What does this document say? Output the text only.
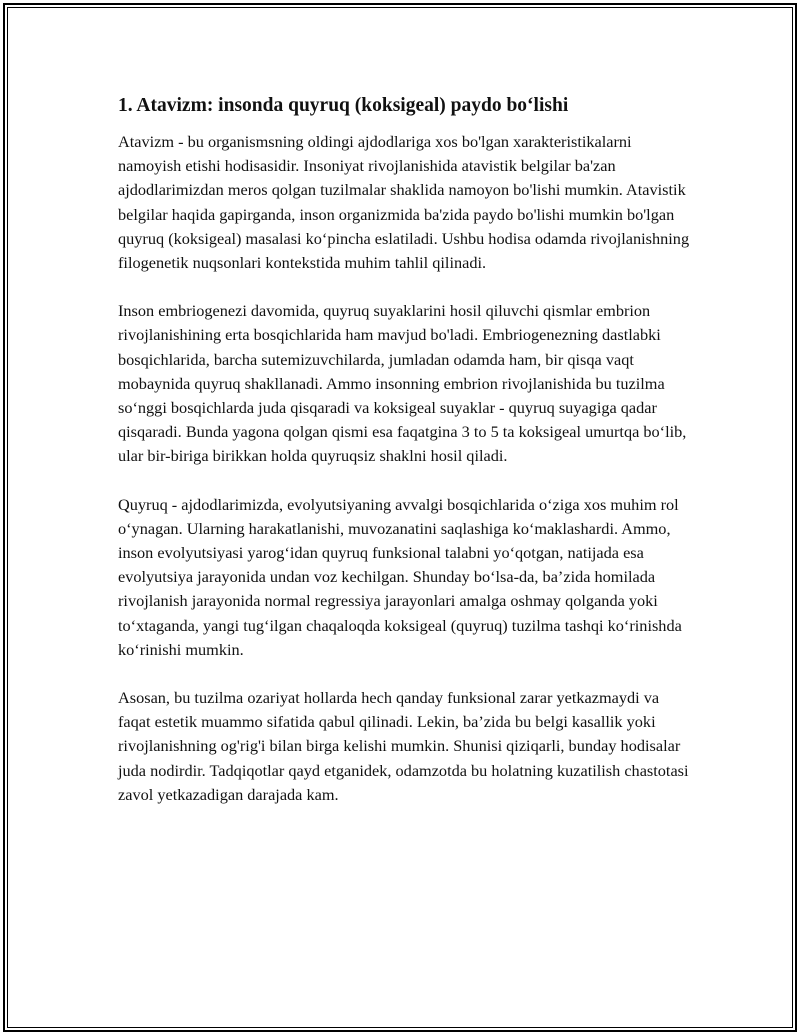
1. Atavizm: insonda quyruq (koksigeal) paydo bo‘lishi

Atavizm - bu organismsning oldingi ajdodlariga xos bo'lgan xarakteristikalarni namoyish etishi hodisasidir. Insoniyat rivojlanishida atavistik belgilar ba'zan ajdodlarimizdan meros qolgan tuzilmalar shaklida namoyon bo'lishi mumkin. Atavistik belgilar haqida gapirganda, inson organizmida ba'zida paydo bo'lishi mumkin bo'lgan quyruq (koksigeal) masalasi ko‘pincha eslatiladi. Ushbu hodisa odamda rivojlanishning filogenetik nuqsonlari kontekstida muhim tahlil qilinadi.

Inson embriogenezi davomida, quyruq suyaklarini hosil qiluvchi qismlar embrion rivojlanishining erta bosqichlarida ham mavjud bo'ladi. Embriogenezning dastlabki bosqichlarida, barcha sutemizuvchilarda, jumladan odamda ham, bir qisqa vaqt mobaynida quyruq shakllanadi. Ammo insonning embrion rivojlanishida bu tuzilma so‘nggi bosqichlarda juda qisqaradi va koksigeal suyaklar - quyruq suyagiga qadar qisqaradi. Bunda yagona qolgan qismi esa faqatgina 3 to 5 ta koksigeal umurtqa bo‘lib, ular bir-biriga birikkan holda quyruqsiz shaklni hosil qiladi.

Quyruq - ajdodlarimizda, evolyutsiyaning avvalgi bosqichlarida o‘ziga xos muhim rol o‘ynagan. Ularning harakatlanishi, muvozanatini saqlashiga ko‘maklashardi. Ammo, inson evolyutsiyasi yarog‘idan quyruq funksional talabni yo‘qotgan, natijada esa evolyutsiya jarayonida undan voz kechilgan. Shunday bo‘lsa-da, ba’zida homilada rivojlanish jarayonida normal regressiya jarayonlari amalga oshmay qolganda yoki to‘xtaganda, yangi tug‘ilgan chaqaloqda koksigeal (quyruq) tuzilma tashqi ko‘rinishda ko‘rinishi mumkin.

Asosan, bu tuzilma ozariyat hollarda hech qanday funksional zarar yetkazmaydi va faqat estetik muammo sifatida qabul qilinadi. Lekin, ba’zida bu belgi kasallik yoki rivojlanishning og'rig'i bilan birga kelishi mumkin. Shunisi qiziqarli, bunday hodisalar juda nodirdir. Tadqiqotlar qayd etganidek, odamzotda bu holatning kuzatilish chastotasi zavol yetkazadigan darajada kam.
